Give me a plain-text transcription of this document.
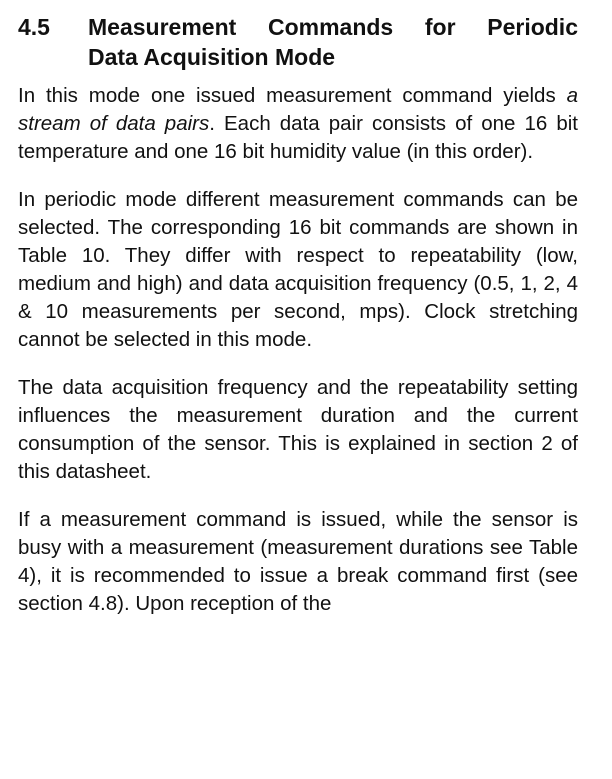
4.5	Measurement Commands for Periodic
Data Acquisition Mode

In this mode one issued measurement command yields a stream of data pairs. Each data pair consists of one 16 bit temperature and one 16 bit humidity value (in this order).

In periodic mode different measurement commands can be selected. The corresponding 16 bit commands are shown in Table 10. They differ with respect to repeatability (low, medium and high) and data acquisition frequency (0.5, 1, 2, 4 & 10 measurements per second, mps). Clock stretching cannot be selected in this mode.

The data acquisition frequency and the repeatability setting influences the measurement duration and the current consumption of the sensor. This is explained in section 2 of this datasheet.

If a measurement command is issued, while the sensor is busy with a measurement (measurement durations see Table 4), it is recommended to issue a break command first (see section 4.8). Upon reception of the
